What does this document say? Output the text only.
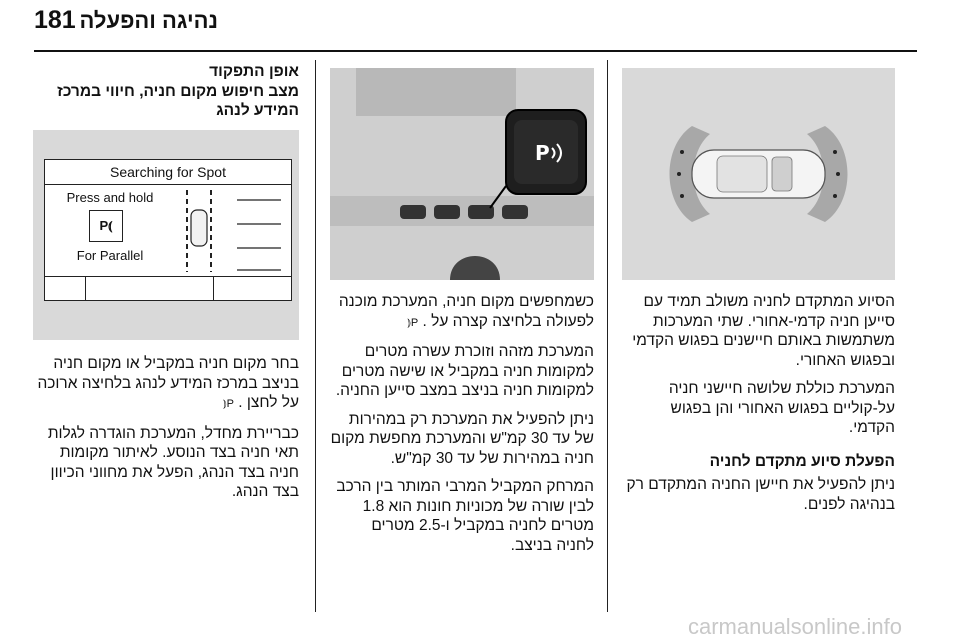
נהיגה והפעלה
181

הסיוע המתקדם לחניה משולב תמיד עם סייען חניה קדמי-אחורי. שתי המערכות משתמשות באותם חיישנים בפגוש הקדמי ובפגוש האחורי.

המערכת כוללת שלושה חיישני חניה על-קוליים בפגוש האחורי והן בפגוש הקדמי.

הפעלת סיוע מתקדם לחניה

ניתן להפעיל את חיישן החניה המתקדם רק בנהיגה לפנים.

P

כשמחפשים מקום חניה, המערכת מוכנה לפעולה בלחיצה קצרה על . P⦅

המערכת מזהה וזוכרת עשרה מטרים למקומות חניה במקביל או שישה מטרים למקומות חניה בניצב במצב סייען החניה.

ניתן להפעיל את המערכת רק במהירות של עד 30 קמ"ש והמערכת מחפשת מקום חניה במהירות של עד 30 קמ"ש.

המרחק המקביל המרבי המותר בין הרכב לבין שורה של מכוניות חונות הוא 1.8 מטרים לחניה במקביל ו-2.5 מטרים לחניה בניצב.

אופן התפקוד
מצב חיפוש מקום חניה, חיווי במרכז המידע לנהג
Searching for Spot
Press and hold
P⦅
For Parallel

בחר מקום חניה במקביל או מקום חניה בניצב במרכז המידע לנהג בלחיצה ארוכה על לחצן . P⦅

כבריירת מחדל, המערכת הוגדרה לגלות תאי חניה בצד הנוסע. לאיתור מקומות חניה בצד הנהג, הפעל את מחווני הכיוון בצד הנהג.

carmanualsonline.info
